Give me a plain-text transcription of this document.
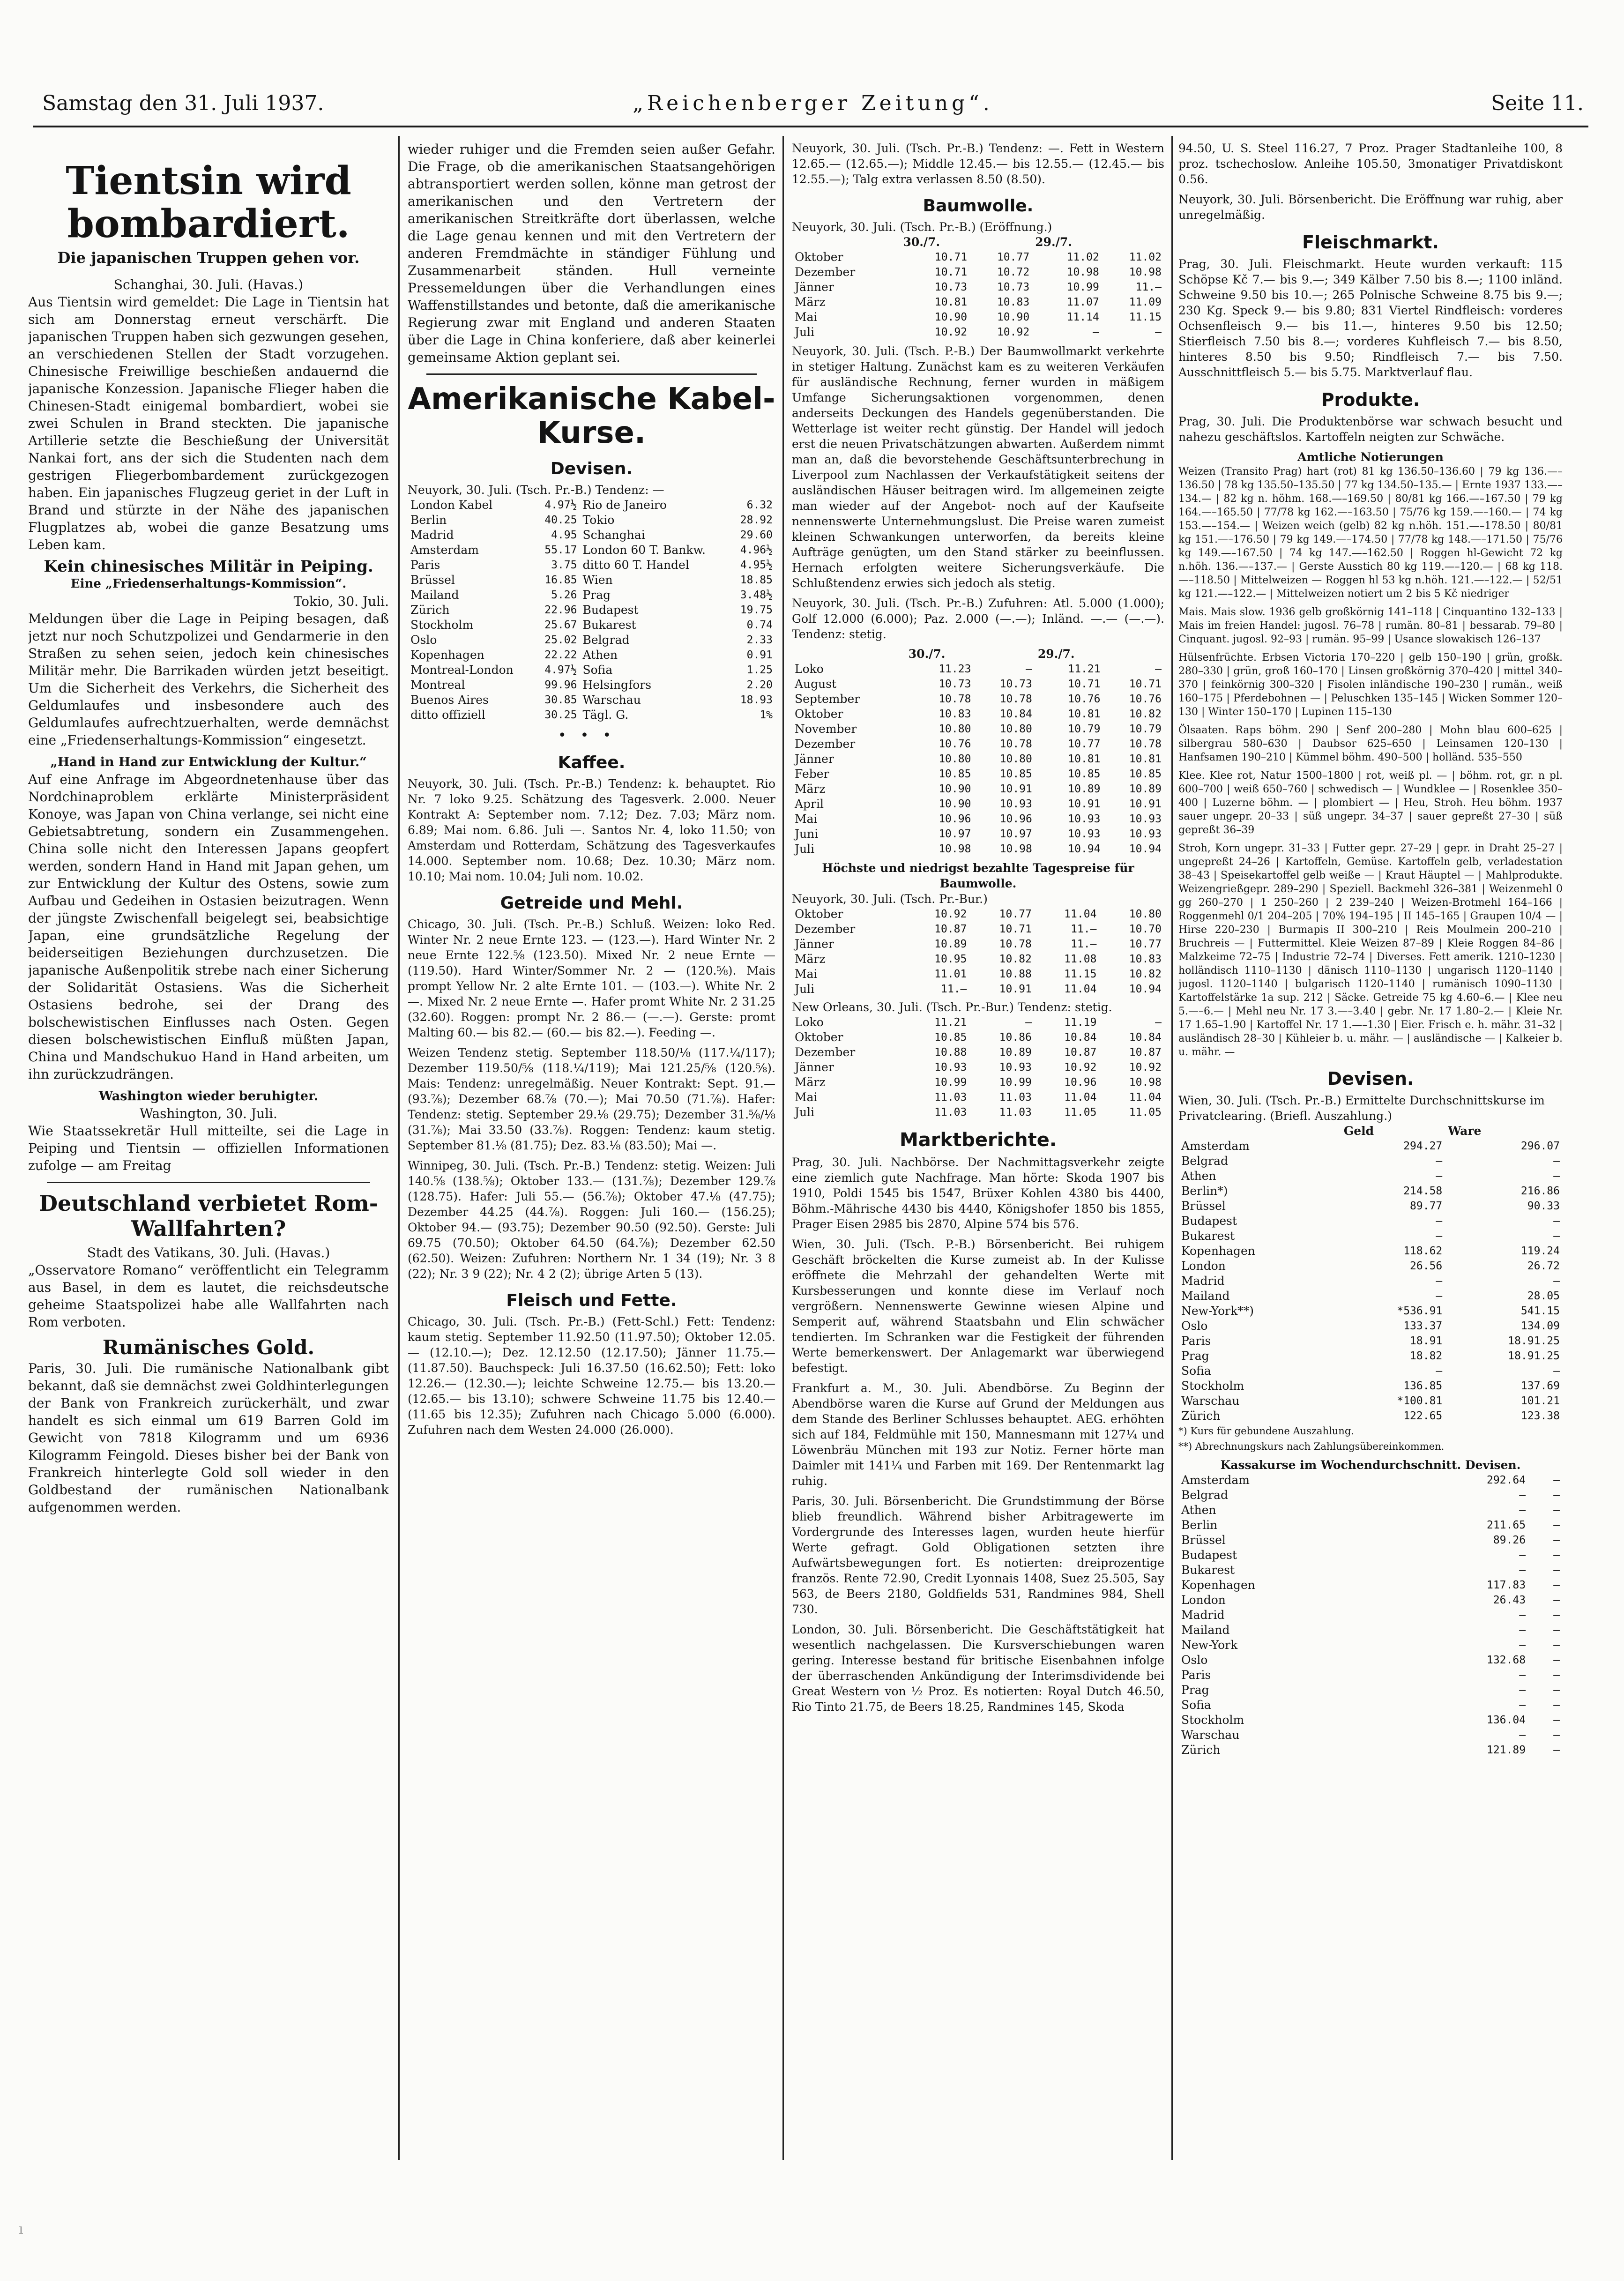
Samstag den 31. Juli 1937.	„Reichenberger Zeitung“.	Seite 11.
Tientsin wird bombardiert.
Die japanischen Truppen gehen vor.
Schanghai, 30. Juli. (Havas.)

Aus Tientsin wird gemeldet: Die Lage in Tientsin hat sich am Donnerstag erneut verschärft. Die japanischen Truppen haben sich gezwungen gesehen, an verschiedenen Stellen der Stadt vorzugehen. Chinesische Freiwillige beschießen andauernd die japanische Konzession. Japanische Flieger haben die Chinesen-Stadt einigemal bombardiert, wobei sie zwei Schulen in Brand steckten. Die japanische Artillerie setzte die Beschießung der Universität Nankai fort, ans der sich die Studenten nach dem gestrigen Fliegerbombardement zurückgezogen haben. Ein japanisches Flugzeug geriet in der Luft in Brand und stürzte in der Nähe des japanischen Flugplatzes ab, wobei die ganze Besatzung ums Leben kam.

Kein chinesisches Militär in Peiping.
Eine „Friedenserhaltungs-Kommission“.
Tokio, 30. Juli.

Meldungen über die Lage in Peiping besagen, daß jetzt nur noch Schutzpolizei und Gendarmerie in den Straßen zu sehen seien, jedoch kein chinesisches Militär mehr. Die Barrikaden würden jetzt beseitigt. Um die Sicherheit des Verkehrs, die Sicherheit des Geldumlaufes und insbesondere auch des Geldumlaufes aufrechtzuerhalten, werde demnächst eine „Friedenserhaltungs-Kommission“ eingesetzt.

„Hand in Hand zur Entwicklung der Kultur.“

Auf eine Anfrage im Abgeordnetenhause über das Nordchinaproblem erklärte Ministerpräsident Konoye, was Japan von China verlange, sei nicht eine Gebietsabtretung, sondern ein Zusammengehen. China solle nicht den Interessen Japans geopfert werden, sondern Hand in Hand mit Japan gehen, um zur Entwicklung der Kultur des Ostens, sowie zum Aufbau und Gedeihen in Ostasien beizutragen. Wenn der jüngste Zwischenfall beigelegt sei, beabsichtige Japan, eine grundsätzliche Regelung der beiderseitigen Beziehungen durchzusetzen. Die japanische Außenpolitik strebe nach einer Sicherung der Solidarität Ostasiens. Was die Sicherheit Ostasiens bedrohe, sei der Drang des bolschewistischen Einflusses nach Osten. Gegen diesen bolschewistischen Einfluß müßten Japan, China und Mandschukuo Hand in Hand arbeiten, um ihn zurückzudrängen.

Washington wieder beruhigter.
Washington, 30. Juli.

Wie Staatssekretär Hull mitteilte, sei die Lage in Peiping und Tientsin — offiziellen Informationen zufolge — am Freitag

Deutschland verbietet Rom-Wallfahrten?
Stadt des Vatikans, 30. Juli. (Havas.)

„Osservatore Romano“ veröffentlicht ein Telegramm aus Basel, in dem es lautet, die reichsdeutsche geheime Staatspolizei habe alle Wallfahrten nach Rom verboten.

Rumänisches Gold.

Paris, 30. Juli. Die rumänische Nationalbank gibt bekannt, daß sie demnächst zwei Goldhinterlegungen der Bank von Frankreich zurückerhält, und zwar handelt es sich einmal um 619 Barren Gold im Gewicht von 7818 Kilogramm und um 6936 Kilogramm Feingold. Dieses bisher bei der Bank von Frankreich hinterlegte Gold soll wieder in den Goldbestand der rumänischen Nationalbank aufgenommen werden.

wieder ruhiger und die Fremden seien außer Gefahr. Die Frage, ob die amerikanischen Staatsangehörigen abtransportiert werden sollen, könne man getrost der amerikanischen und den Vertretern der amerikanischen Streitkräfte dort überlassen, welche die Lage genau kennen und mit den Vertretern der anderen Fremdmächte in ständiger Fühlung und Zusammenarbeit ständen. Hull verneinte Pressemeldungen über die Verhandlungen eines Waffenstillstandes und betonte, daß die amerikanische Regierung zwar mit England und anderen Staaten über die Lage in China konferiere, daß aber keinerlei gemeinsame Aktion geplant sei.

Amerikanische Kabel-Kurse.
Devisen.
Neuyork, 30. Juli. (Tsch. Pr.-B.) Tendenz: —
London Kabel	4.97½	Rio de Janeiro	6.32
Berlin	40.25	Tokio	28.92
Madrid	4.95	Schanghai	29.60
Amsterdam	55.17	London 60 T. Bankw.	4.96½
Paris	3.75	ditto 60 T. Handel	4.95½
Brüssel	16.85	Wien	18.85
Mailand	5.26	Prag	3.48½
Zürich	22.96	Budapest	19.75
Stockholm	25.67	Bukarest	0.74
Oslo	25.02	Belgrad	2.33
Kopenhagen	22.22	Athen	0.91
Montreal-London	4.97½	Sofia	1.25
Montreal	99.96	Helsingfors	2.20
Buenos Aires	30.85	Warschau	18.93
ditto offiziell	30.25	Tägl. G.	1%
•••
Kaffee.

Neuyork, 30. Juli. (Tsch. Pr.-B.) Tendenz: k. behauptet. Rio Nr. 7 loko 9.25. Schätzung des Tagesverk. 2.000. Neuer Kontrakt A: September nom. 7.12; Dez. 7.03; März nom. 6.89; Mai nom. 6.86. Juli —. Santos Nr. 4, loko 11.50; von Amsterdam und Rotterdam, Schätzung des Tagesverkaufes 14.000. September nom. 10.68; Dez. 10.30; März nom. 10.10; Mai nom. 10.04; Juli nom. 10.02.

Getreide und Mehl.

Chicago, 30. Juli. (Tsch. Pr.-B.) Schluß. Weizen: loko Red. Winter Nr. 2 neue Ernte 123. — (123.—). Hard Winter Nr. 2 neue Ernte 122.⅝ (123.50). Mixed Nr. 2 neue Ernte — (119.50). Hard Winter/Sommer Nr. 2 — (120.⅝). Mais prompt Yellow Nr. 2 alte Ernte 101. — (103.—). White Nr. 2 —. Mixed Nr. 2 neue Ernte —. Hafer promt White Nr. 2 31.25 (32.60). Roggen: prompt Nr. 2 86.— (—.—). Gerste: promt Malting 60.— bis 82.— (60.— bis 82.—). Feeding —.

Weizen Tendenz stetig. September 118.50/⅛ (117.¼/117); Dezember 119.50/⅝ (118.¼/119); Mai 121.25/⅝ (120.⅝). Mais: Tendenz: unregelmäßig. Neuer Kontrakt: Sept. 91.— (93.⅞); Dezember 68.⅞ (70.—); Mai 70.50 (71.⅞). Hafer: Tendenz: stetig. September 29.⅛ (29.75); Dezember 31.⅝/⅛ (31.⅞); Mai 33.50 (33.⅞). Roggen: Tendenz: kaum stetig. September 81.⅛ (81.75); Dez. 83.⅛ (83.50); Mai —.

Winnipeg, 30. Juli. (Tsch. Pr.-B.) Tendenz: stetig. Weizen: Juli 140.⅝ (138.⅝); Oktober 133.— (131.⅞); Dezember 129.⅞ (128.75). Hafer: Juli 55.— (56.⅞); Oktober 47.⅛ (47.75); Dezember 44.25 (44.⅞). Roggen: Juli 160.— (156.25); Oktober 94.— (93.75); Dezember 90.50 (92.50). Gerste: Juli 69.75 (70.50); Oktober 64.50 (64.⅞); Dezember 62.50 (62.50). Weizen: Zufuhren: Northern Nr. 1 34 (19); Nr. 3 8 (22); Nr. 3 9 (22); Nr. 4 2 (2); übrige Arten 5 (13).

Fleisch und Fette.

Chicago, 30. Juli. (Tsch. Pr.-B.) (Fett-Schl.) Fett: Tendenz: kaum stetig. September 11.92.50 (11.97.50); Oktober 12.05.— (12.10.—); Dez. 12.12.50 (12.17.50); Jänner 11.75.— (11.87.50). Bauchspeck: Juli 16.37.50 (16.62.50); Fett: loko 12.26.— (12.30.—); leichte Schweine 12.75.— bis 13.20.— (12.65.— bis 13.10); schwere Schweine 11.75 bis 12.40.— (11.65 bis 12.35); Zufuhren nach Chicago 5.000 (6.000). Zufuhren nach dem Westen 24.000 (26.000).

Neuyork, 30. Juli. (Tsch. Pr.-B.) Tendenz: —. Fett in Western 12.65.— (12.65.—); Middle 12.45.— bis 12.55.— (12.45.— bis 12.55.—); Talg extra verlassen 8.50 (8.50).

Baumwolle.
Neuyork, 30. Juli. (Tsch. Pr.-B.) (Eröffnung.)
	30./7.		29./7.	
Oktober	10.71	10.77	11.02	11.02
Dezember	10.71	10.72	10.98	10.98
Jänner	10.73	10.73	10.99	11.—
März	10.81	10.83	11.07	11.09
Mai	10.90	10.90	11.14	11.15
Juli	10.92	10.92	—	—

Neuyork, 30. Juli. (Tsch. P.-B.) Der Baumwollmarkt verkehrte in stetiger Haltung. Zunächst kam es zu weiteren Verkäufen für ausländische Rechnung, ferner wurden in mäßigem Umfange Sicherungsaktionen vorgenommen, denen anderseits Deckungen des Handels gegenüberstanden. Die Wetterlage ist weiter recht günstig. Der Handel will jedoch erst die neuen Privatschätzungen abwarten. Außerdem nimmt man an, daß die bevorstehende Geschäftsunterbrechung in Liverpool zum Nachlassen der Verkaufstätigkeit seitens der ausländischen Häuser beitragen wird. Im allgemeinen zeigte man wieder auf der Angebot- noch auf der Kaufseite nennenswerte Unternehmungslust. Die Preise waren zumeist kleinen Schwankungen unterworfen, da bereits kleine Aufträge genügten, um den Stand stärker zu beeinflussen. Hernach erfolgten weitere Sicherungsverkäufe. Die Schlußtendenz erwies sich jedoch als stetig.

Neuyork, 30. Juli. (Tsch. Pr.-B.) Zufuhren: Atl. 5.000 (1.000); Golf 12.000 (6.000); Paz. 2.000 (—.—); Inländ. —.— (—.—). Tendenz: stetig.

	30./7.		29./7.	
Loko	11.23	—	11.21	—
August	10.73	10.73	10.71	10.71
September	10.78	10.78	10.76	10.76
Oktober	10.83	10.84	10.81	10.82
November	10.80	10.80	10.79	10.79
Dezember	10.76	10.78	10.77	10.78
Jänner	10.80	10.80	10.81	10.81
Feber	10.85	10.85	10.85	10.85
März	10.90	10.91	10.89	10.89
April	10.90	10.93	10.91	10.91
Mai	10.96	10.96	10.93	10.93
Juni	10.97	10.97	10.93	10.93
Juli	10.98	10.98	10.94	10.94
Höchste und niedrigst bezahlte Tagespreise für Baumwolle.
Neuyork, 30. Juli. (Tsch. Pr.-Bur.)
Oktober	10.92	10.77	11.04	10.80
Dezember	10.87	10.71	11.—	10.70
Jänner	10.89	10.78	11.—	10.77
März	10.95	10.82	11.08	10.83
Mai	11.01	10.88	11.15	10.82
Juli	11.—	10.91	11.04	10.94
New Orleans, 30. Juli. (Tsch. Pr.-Bur.) Tendenz: stetig.
Loko	11.21	—	11.19	—
Oktober	10.85	10.86	10.84	10.84
Dezember	10.88	10.89	10.87	10.87
Jänner	10.93	10.93	10.92	10.92
März	10.99	10.99	10.96	10.98
Mai	11.03	11.03	11.04	11.04
Juli	11.03	11.03	11.05	11.05
Marktberichte.

Prag, 30. Juli. Nachbörse. Der Nachmittagsverkehr zeigte eine ziemlich gute Nachfrage. Man hörte: Skoda 1907 bis 1910, Poldi 1545 bis 1547, Brüxer Kohlen 4380 bis 4400, Böhm.-Mährische 4430 bis 4440, Königshofer 1850 bis 1855, Prager Eisen 2985 bis 2870, Alpine 574 bis 576.

Wien, 30. Juli. (Tsch. P.-B.) Börsenbericht. Bei ruhigem Geschäft bröckelten die Kurse zumeist ab. In der Kulisse eröffnete die Mehrzahl der gehandelten Werte mit Kursbesserungen und konnte diese im Verlauf noch vergrößern. Nennenswerte Gewinne wiesen Alpine und Semperit auf, während Staatsbahn und Elin schwächer tendierten. Im Schranken war die Festigkeit der führenden Werte bemerkenswert. Der Anlagemarkt war überwiegend befestigt.

Frankfurt a. M., 30. Juli. Abendbörse. Zu Beginn der Abendbörse waren die Kurse auf Grund der Meldungen aus dem Stande des Berliner Schlusses behauptet. AEG. erhöhten sich auf 184, Feldmühle mit 150, Mannesmann mit 127¼ und Löwenbräu München mit 193 zur Notiz. Ferner hörte man Daimler mit 141¼ und Farben mit 169. Der Rentenmarkt lag ruhig.

Paris, 30. Juli. Börsenbericht. Die Grundstimmung der Börse blieb freundlich. Während bisher Arbitragewerte im Vordergrunde des Interesses lagen, wurden heute hierfür Werte gefragt. Gold Obligationen setzten ihre Aufwärtsbewegungen fort. Es notierten: dreiprozentige französ. Rente 72.90, Credit Lyonnais 1408, Suez 25.505, Say 563, de Beers 2180, Goldfields 531, Randmines 984, Shell 730.

London, 30. Juli. Börsenbericht. Die Geschäftstätigkeit hat wesentlich nachgelassen. Die Kursverschiebungen waren gering. Interesse bestand für britische Eisenbahnen infolge der überraschenden Ankündigung der Interimsdividende bei Great Western von ½ Proz. Es notierten: Royal Dutch 46.50, Rio Tinto 21.75, de Beers 18.25, Randmines 145, Skoda

94.50, U. S. Steel 116.27, 7 Proz. Prager Stadtanleihe 100, 8 proz. tschechoslow. Anleihe 105.50, 3monatiger Privatdiskont 0.56.

Neuyork, 30. Juli. Börsenbericht. Die Eröffnung war ruhig, aber unregelmäßig.

Fleischmarkt.

Prag, 30. Juli. Fleischmarkt. Heute wurden verkauft: 115 Schöpse Kč 7.— bis 9.—; 349 Kälber 7.50 bis 8.—; 1100 inländ. Schweine 9.50 bis 10.—; 265 Polnische Schweine 8.75 bis 9.—; 230 Kg. Speck 9.— bis 9.80; 831 Viertel Rindfleisch: vorderes Ochsenfleisch 9.— bis 11.—, hinteres 9.50 bis 12.50; Stierfleisch 7.50 bis 8.—; vorderes Kuhfleisch 7.— bis 8.50, hinteres 8.50 bis 9.50; Rindfleisch 7.— bis 7.50. Ausschnittfleisch 5.— bis 5.75. Marktverlauf flau.

Produkte.

Prag, 30. Juli. Die Produktenbörse war schwach besucht und nahezu geschäftslos. Kartoffeln neigten zur Schwäche.

Amtliche Notierungen

Weizen (Transito Prag) hart (rot) 81 kg 136.50–136.60 | 79 kg 136.—–136.50 | 78 kg 135.50–135.50 | 77 kg 134.50–135.— | Ernte 1937 133.—–134.— | 82 kg n. höhm. 168.—–169.50 | 80/81 kg 166.—–167.50 | 79 kg 164.—–165.50 | 77/78 kg 162.—–163.50 | 75/76 kg 159.—–160.— | 74 kg 153.—–154.— | Weizen weich (gelb) 82 kg n.höh. 151.—–178.50 | 80/81 kg 151.—–176.50 | 79 kg 149.—–174.50 | 77/78 kg 148.—–171.50 | 75/76 kg 149.—–167.50 | 74 kg 147.—–162.50 | Roggen hl-Gewicht 72 kg n.höh. 136.—–137.— | Gerste Ausstich 80 kg 119.—–120.— | 68 kg 118.—–118.50 | Mittelweizen — Roggen hl 53 kg n.höh. 121.—–122.— | 52/51 kg 121.—–122.— | Mittelweizen notiert um 2 bis 5 Kč niedriger

Mais. Mais slow. 1936 gelb großkörnig 141–118 | Cinquantino 132–133 | Mais im freien Handel: jugosl. 76–78 | rumän. 80–81 | bessarab. 79–80 | Cinquant. jugosl. 92–93 | rumän. 95–99 | Usance slowakisch 126–137

Hülsenfrüchte. Erbsen Victoria 170–220 | gelb 150–190 | grün, großk. 280–330 | grün, groß 160–170 | Linsen großkörnig 370–420 | mittel 340–370 | feinkörnig 300–320 | Fisolen inländische 190–230 | rumän., weiß 160–175 | Pferdebohnen — | Peluschken 135–145 | Wicken Sommer 120–130 | Winter 150–170 | Lupinen 115–130

Ölsaaten. Raps böhm. 290 | Senf 200–280 | Mohn blau 600–625 | silbergrau 580–630 | Daubsor 625–650 | Leinsamen 120–130 | Hanfsamen 190–210 | Kümmel böhm. 490–500 | holländ. 535–550

Klee. Klee rot, Natur 1500–1800 | rot, weiß pl. — | böhm. rot, gr. n pl. 600–700 | weiß 650–760 | schwedisch — | Wundklee — | Rosenklee 350–400 | Luzerne böhm. — | plombiert — | Heu, Stroh. Heu böhm. 1937 sauer ungepr. 20–33 | süß ungepr. 34–37 | sauer gepreßt 27–30 | süß gepreßt 36–39

Stroh, Korn ungepr. 31–33 | Futter gepr. 27–29 | gepr. in Draht 25–27 | ungepreßt 24–26 | Kartoffeln, Gemüse. Kartoffeln gelb, verladestation 38–43 | Speisekartoffel gelb weiße — | Kraut Häuptel — | Mahlprodukte. Weizengrießgepr. 289–290 | Speziell. Backmehl 326–381 | Weizenmehl 0 gg 260–270 | 1 250–260 | 2 239–240 | Weizen-Brotmehl 164–166 | Roggenmehl 0/1 204–205 | 70% 194–195 | II 145–165 | Graupen 10/4 — | Hirse 220–230 | Burmapis II 300–210 | Reis Moulmein 200–210 | Bruchreis — | Futtermittel. Kleie Weizen 87–89 | Kleie Roggen 84–86 | Malzkeime 72–75 | Industrie 72–74 | Diverses. Fett amerik. 1210–1230 | holländisch 1110–1130 | dänisch 1110–1130 | ungarisch 1120–1140 | jugosl. 1120–1140 | bulgarisch 1120–1140 | rumänisch 1090–1130 | Kartoffelstärke 1a sup. 212 | Säcke. Getreide 75 kg 4.60–6.— | Klee neu 5.—–6.— | Mehl neu Nr. 17 3.—–3.40 | gebr. Nr. 17 1.80–2.— | Kleie Nr. 17 1.65–1.90 | Kartoffel Nr. 17 1.—–1.30 | Eier. Frisch e. h. mähr. 31–32 | ausländisch 28–30 | Kühleier b. u. mähr. — | ausländische — | Kalkeier b. u. mähr. —

Devisen.
Wien, 30. Juli. (Tsch. Pr.-B.) Ermittelte Durchschnittskurse im Privatclearing. (Briefl. Auszahlung.)
	Geld	Ware
Amsterdam	294.27	296.07
Belgrad	—	—
Athen	—	—
Berlin*)	214.58	216.86
Brüssel	89.77	90.33
Budapest	—	—
Bukarest	—	—
Kopenhagen	118.62	119.24
London	26.56	26.72
Madrid	—	—
Mailand	—	28.05
New-York**)	*536.91	541.15
Oslo	133.37	134.09
Paris	18.91	18.91.25
Prag	18.82	18.91.25
Sofia	—	—
Stockholm	136.85	137.69
Warschau	*100.81	101.21
Zürich	122.65	123.38
*) Kurs für gebundene Auszahlung.
**) Abrechnungskurs nach Zahlungsübereinkommen.
Kassakurse im Wochendurchschnitt. Devisen.
Amsterdam	292.64	—
Belgrad	—	—
Athen	—	—
Berlin	211.65	—
Brüssel	89.26	—
Budapest	—	—
Bukarest	—	—
Kopenhagen	117.83	—
London	26.43	—
Madrid	—	—
Mailand	—	—
New-York	—	—
Oslo	132.68	—
Paris	—	—
Prag	—	—
Sofia	—	—
Stockholm	136.04	—
Warschau	—	—
Zürich	121.89	—
ı
